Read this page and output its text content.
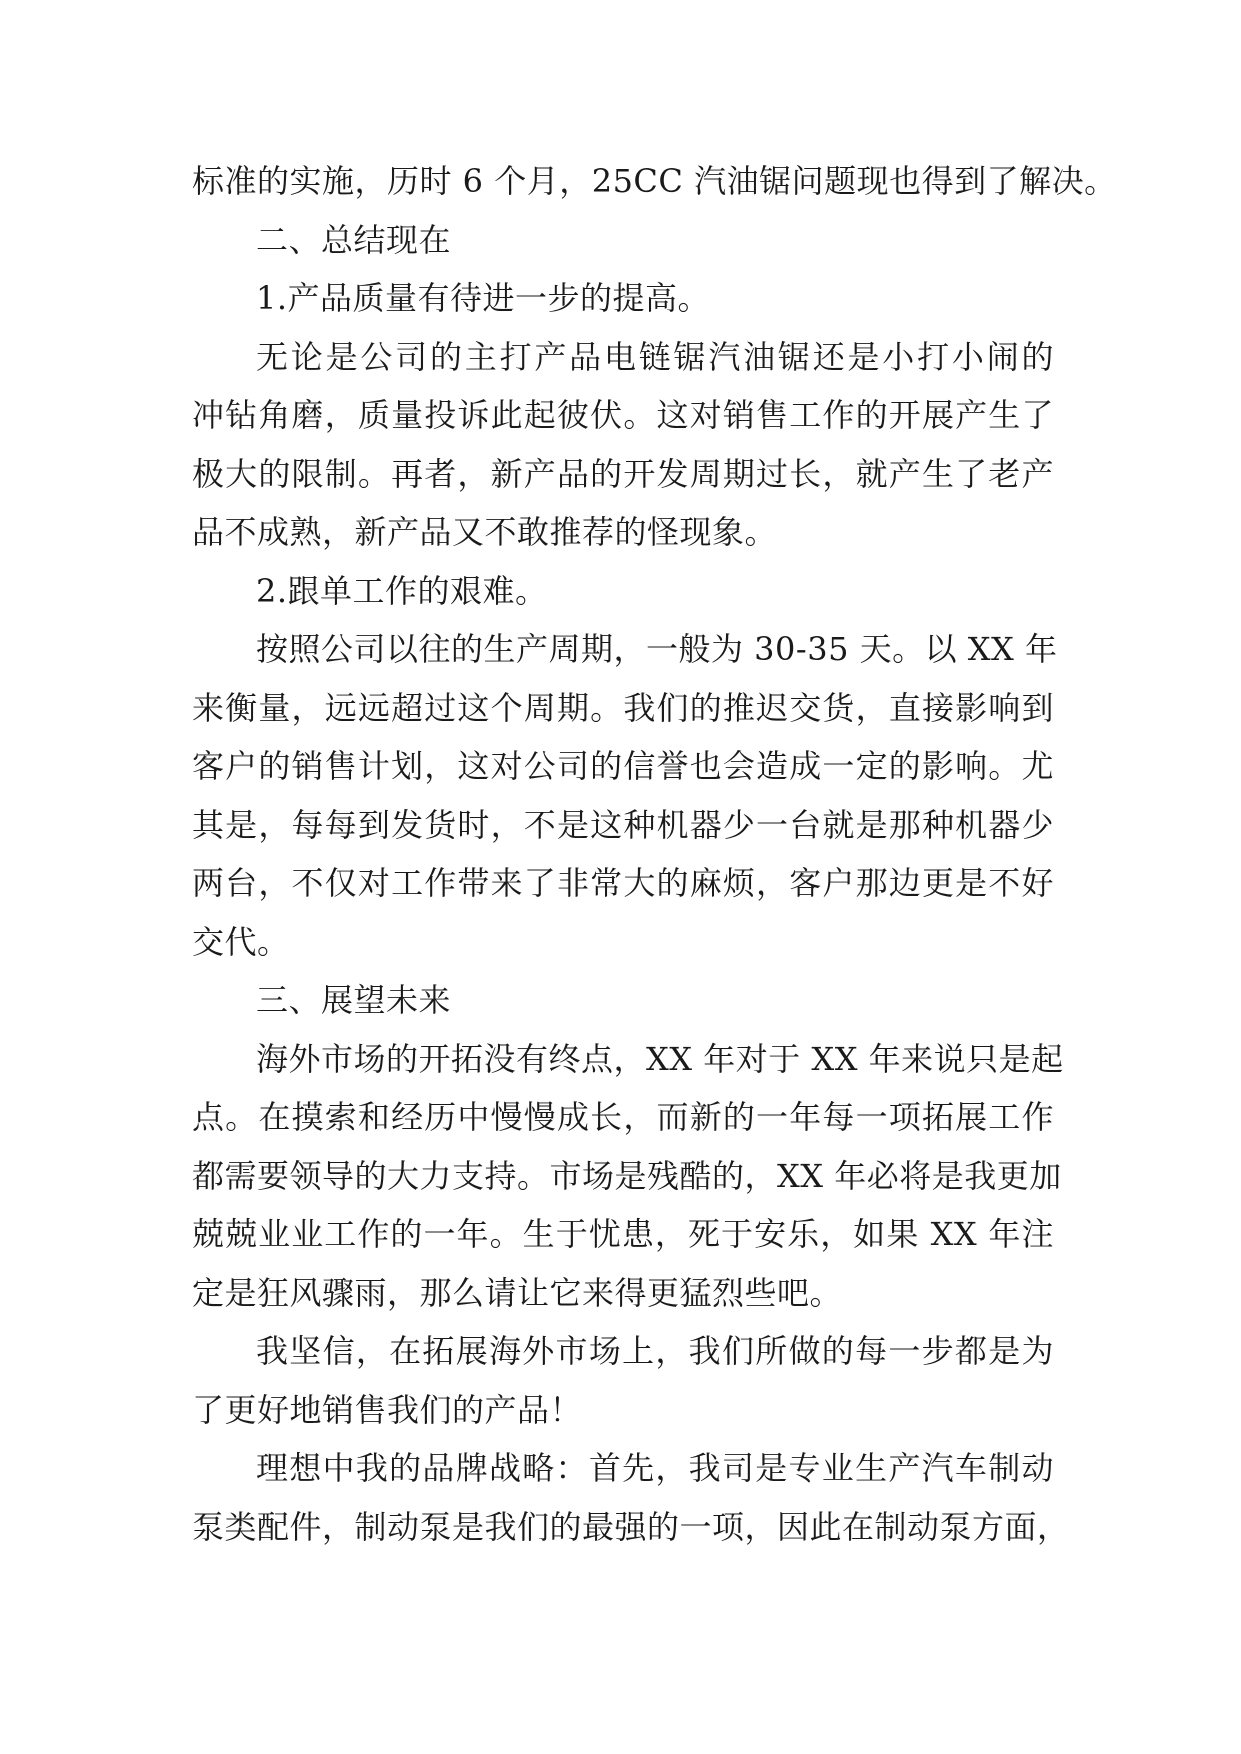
标准的实施，历时 6 个月，25CC 汽油锯问题现也得到了解决。
二、总结现在
1.产品质量有待进一步的提高。
无论是公司的主打产品电链锯汽油锯还是小打小闹的
冲钻角磨，质量投诉此起彼伏。这对销售工作的开展产生了
极大的限制。再者，新产品的开发周期过长，就产生了老产
品不成熟，新产品又不敢推荐的怪现象。
2.跟单工作的艰难。
按照公司以往的生产周期，一般为 30-35 天。以 XX 年
来衡量，远远超过这个周期。我们的推迟交货，直接影响到
客户的销售计划，这对公司的信誉也会造成一定的影响。尤
其是，每每到发货时，不是这种机器少一台就是那种机器少
两台，不仅对工作带来了非常大的麻烦，客户那边更是不好
交代。
三、展望未来
海外市场的开拓没有终点，XX 年对于 XX 年来说只是起
点。在摸索和经历中慢慢成长，而新的一年每一项拓展工作
都需要领导的大力支持。市场是残酷的，XX 年必将是我更加
兢兢业业工作的一年。生于忧患，死于安乐，如果 XX 年注
定是狂风骤雨，那么请让它来得更猛烈些吧。
我坚信，在拓展海外市场上，我们所做的每一步都是为
了更好地销售我们的产品！
理想中我的品牌战略：首先，我司是专业生产汽车制动
泵类配件，制动泵是我们的最强的一项，因此在制动泵方面，
